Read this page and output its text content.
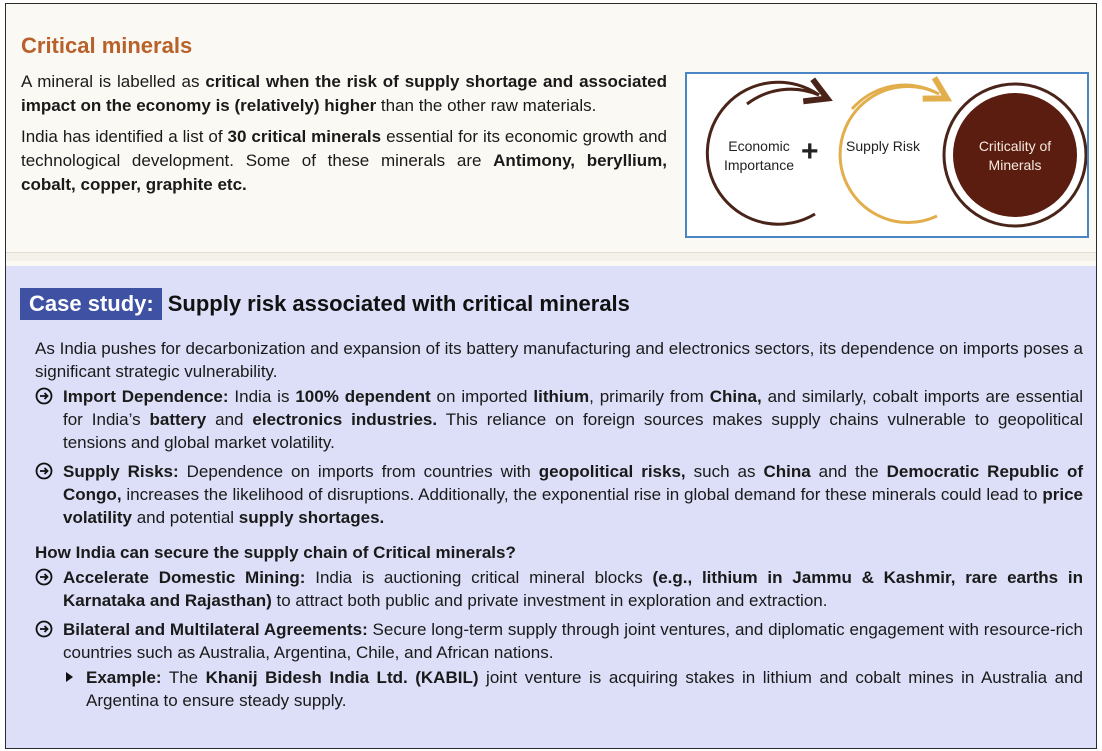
Critical minerals

A mineral is labelled as critical when the risk of supply shortage and associated impact on the economy is (relatively) higher than the other raw materials.

India has identified a list of 30 critical minerals essential for its economic growth and technological development. Some of these minerals are Antimony, beryllium, cobalt, copper, graphite etc.

Economic Importance + Supply Risk	Criticality of Minerals
Case study: Supply risk associated with critical minerals

As India pushes for decarbonization and expansion of its battery manufacturing and electronics sectors, its dependence on imports poses a significant strategic vulnerability.

Import Dependence: India is 100% dependent on imported lithium, primarily from China, and similarly, cobalt imports are essential for India’s battery and electronics industries. This reliance on foreign sources makes supply chains vulnerable to geopolitical tensions and global market volatility.
Supply Risks: Dependence on imports from countries with geopolitical risks, such as China and the Democratic Republic of Congo, increases the likelihood of disruptions. Additionally, the exponential rise in global demand for these minerals could lead to price volatility and potential supply shortages.
How India can secure the supply chain of Critical minerals?
Accelerate Domestic Mining: India is auctioning critical mineral blocks (e.g., lithium in Jammu & Kashmir, rare earths in Karnataka and Rajasthan) to attract both public and private investment in exploration and extraction.
Bilateral and Multilateral Agreements: Secure long-term supply through joint ventures, and diplomatic engagement with resource-rich countries such as Australia, Argentina, Chile, and African nations.
Example: The Khanij Bidesh India Ltd. (KABIL) joint venture is acquiring stakes in lithium and cobalt mines in Australia and Argentina to ensure steady supply.
